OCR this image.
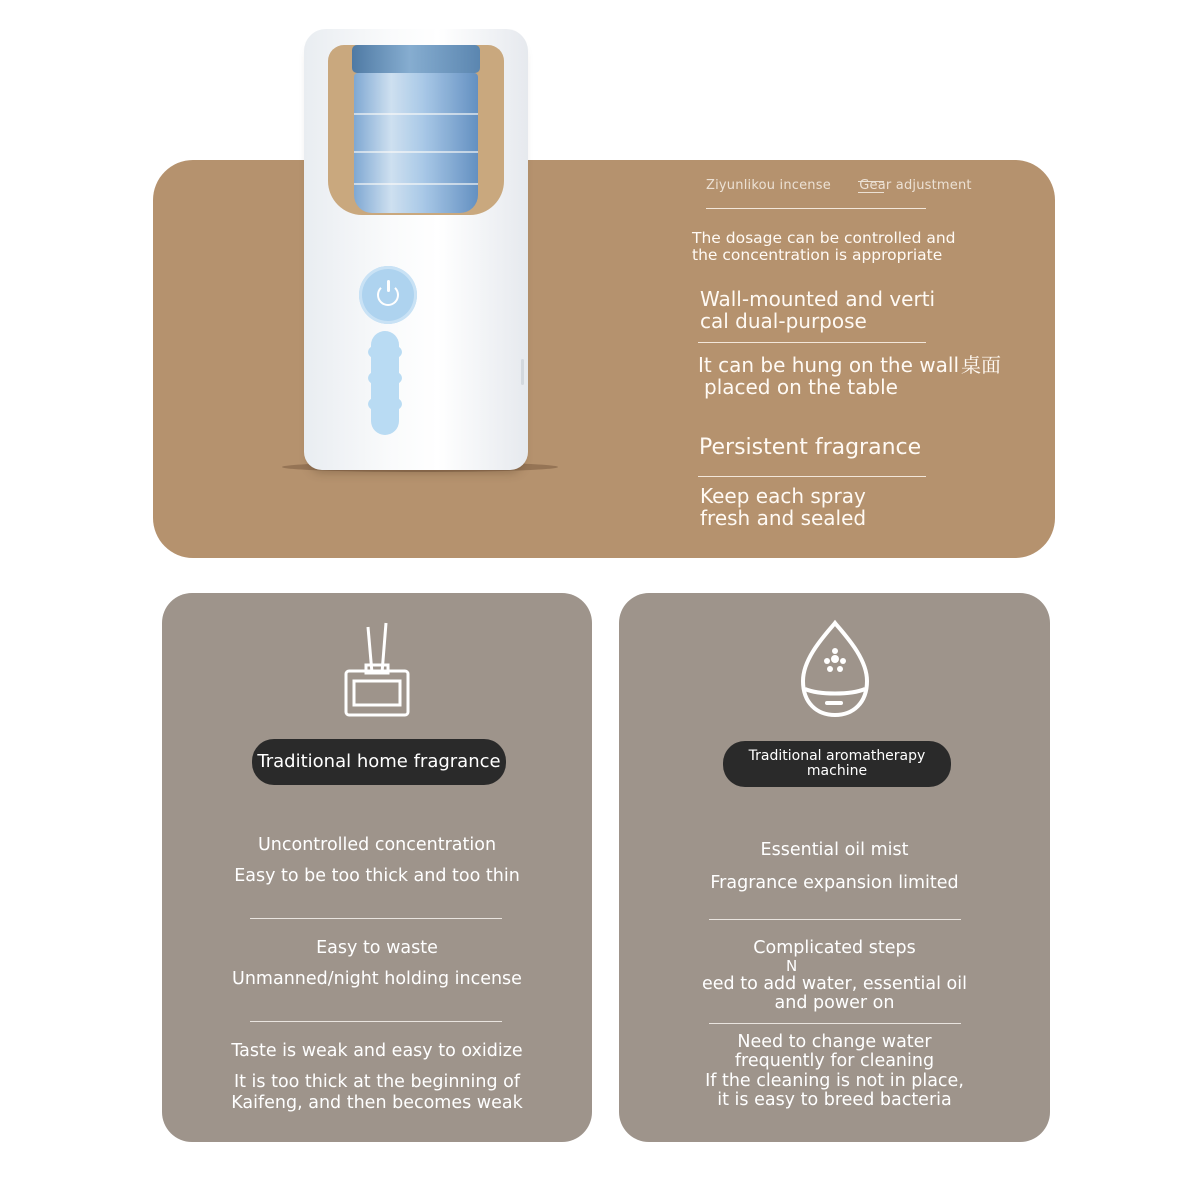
Ziyunlikou incense Gear adjustment
The dosage can be controlled and
the concentration is appropriate
Wall-mounted and verti
cal dual-purpose
It can be hung on the wall 桌面
placed on the table
Persistent fragrance
Keep each spray
fresh and sealed
Traditional home fragrance
Uncontrolled concentration
Easy to be too thick and too thin
Easy to waste
Unmanned/night holding incense
Taste is weak and easy to oxidize
It is too thick at the beginning of
Kaifeng, and then becomes weak
Traditional aromatherapy
machine
Essential oil mist
Fragrance expansion limited
Complicated steps
N
eed to add water, essential oil
and power on
Need to change water
frequently for cleaning
If the cleaning is not in place,
it is easy to breed bacteria
